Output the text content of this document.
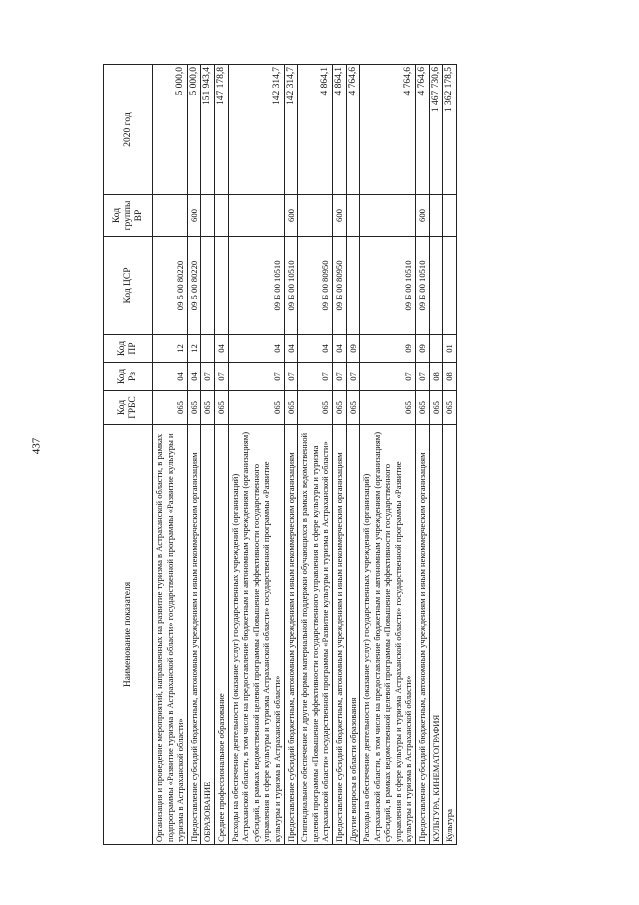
437
Наименование показателя	Код ГРБС	Код Рз	Код ПР	Код ЦСР	Код группы ВР	2020 год
Организация и проведение мероприятий, направленных на развитие туризма в Астраханской области, в рамках подпрограммы «Развитие туризма в Астраханской области» государственной программы «Развитие культуры и туризма в Астраханской области»	065	04	12	09 5 00 80220		5 000,0
Предоставление субсидий бюджетным, автономным учреждениям и иным некоммерческим организациям	065	04	12	09 5 00 80220	600	5 000,0
ОБРАЗОВАНИЕ	065	07				151 943,4
Среднее профессиональное образование	065	07	04			147 178,8
Расходы на обеспечение деятельности (оказание услуг) государственных учреждений (организаций) Астраханской области, в том числе на предоставление бюджетным и автономным учреждениям (организациям) субсидий, в рамках ведомственной целевой программы «Повышение эффективности государственного управления в сфере культуры и туризма Астраханской области» государственной программы «Развитие культуры и туризма в Астраханской области»	065	07	04	09 Б 00 10510		142 314,7
Предоставление субсидий бюджетным, автономным учреждениям и иным некоммерческим организациям	065	07	04	09 Б 00 10510	600	142 314,7
Стипендиальное обеспечение и другие формы материальной поддержки обучающихся в рамках ведомственной целевой программы «Повышение эффективности государственного управления в сфере культуры и туризма Астраханской области» государственной программы «Развитие культуры и туризма в Астраханской области»	065	07	04	09 Б 00 80950		4 864,1
Предоставление субсидий бюджетным, автономным учреждениям и иным некоммерческим организациям	065	07	04	09 Б 00 80950	600	4 864,1
Другие вопросы в области образования	065	07	09			4 764,6
Расходы на обеспечение деятельности (оказание услуг) государственных учреждений (организаций) Астраханской области, в том числе на предоставление бюджетным и автономным учреждениям (организациям) субсидий, в рамках ведомственной целевой программы «Повышение эффективности государственного управления в сфере культуры и туризма Астраханской области» государственной программы «Развитие культуры и туризма в Астраханской области»	065	07	09	09 Б 00 10510		4 764,6
Предоставление субсидий бюджетным, автономным учреждениям и иным некоммерческим организациям	065	07	09	09 Б 00 10510	600	4 764,6
КУЛЬТУРА, КИНЕМАТОГРАФИЯ	065	08				1 467 730,6
Культура	065	08	01			1 362 178,5
